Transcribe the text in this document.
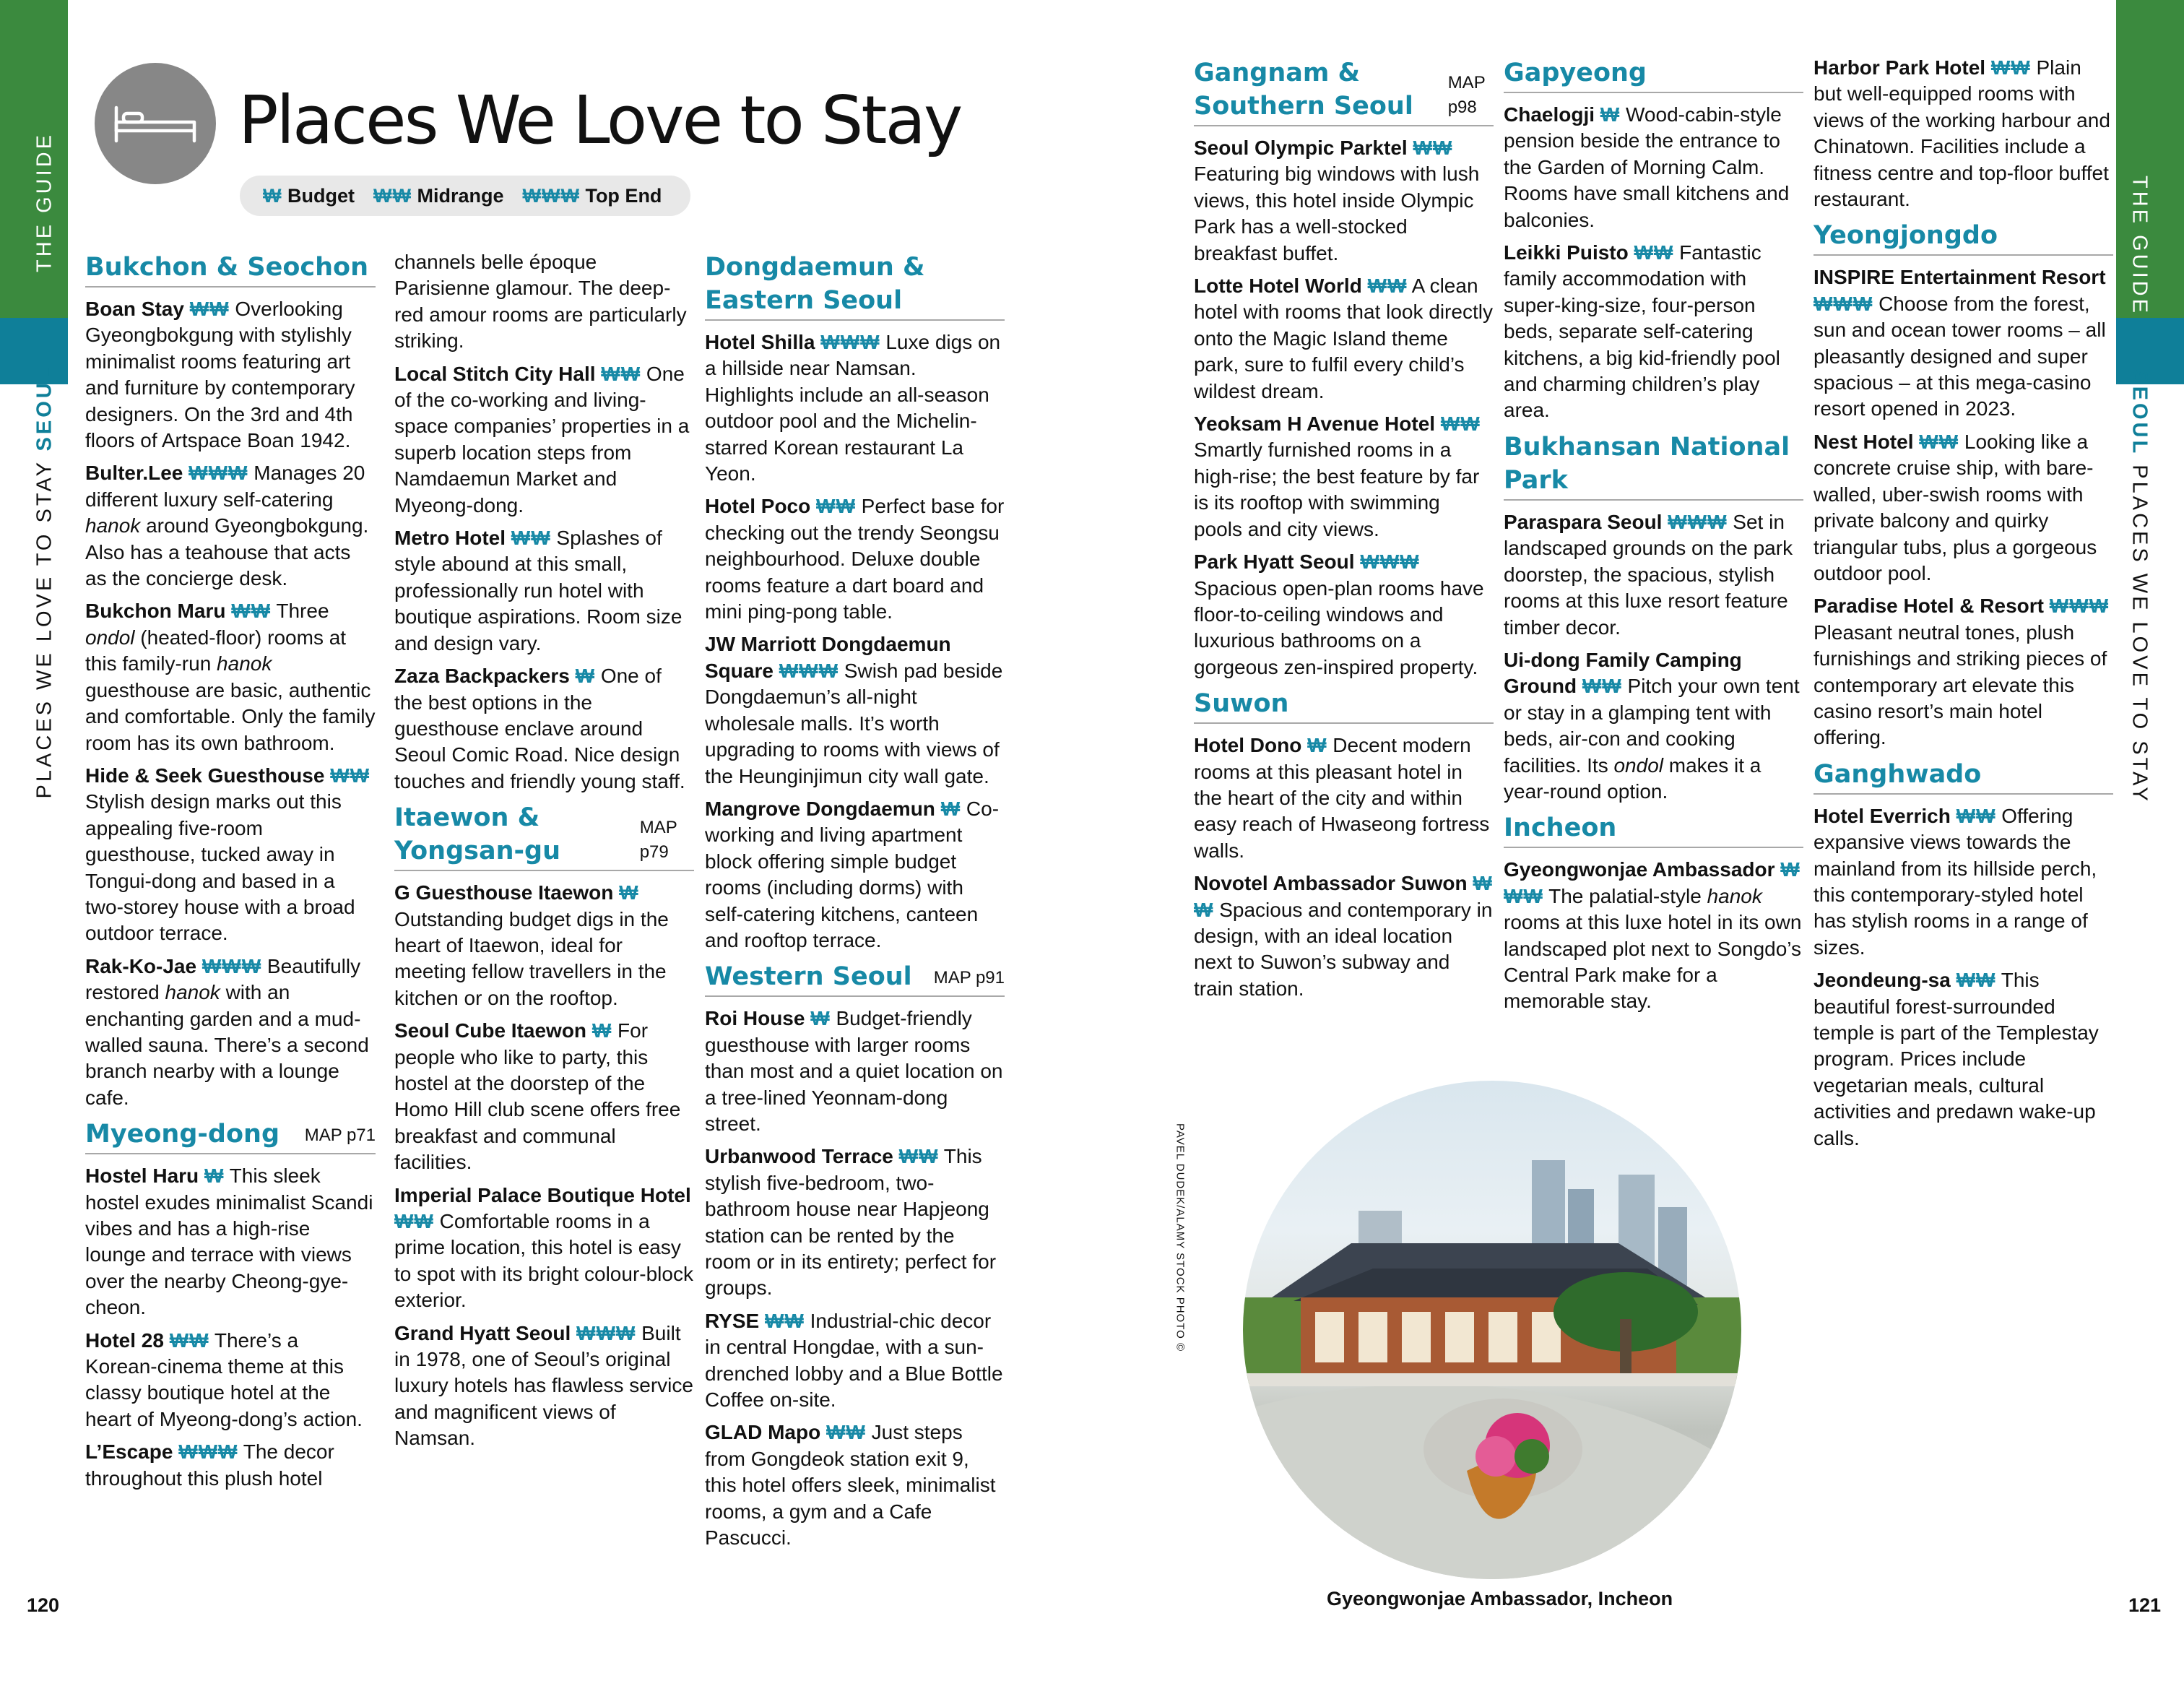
THE GUIDE
PLACES WE LOVE TO STAY SEOUL
THE GUIDE
SEOUL PLACES WE LOVE TO STAY
Places We Love to Stay
₩
Budget ₩₩
Midrange ₩₩₩
Top End
Bukchon & Seochon

Boan Stay ₩₩ Overlooking Gyeongbokgung with stylishly minimalist rooms featuring art and furniture by contemporary designers. On the 3rd and 4th floors of Artspace Boan 1942.

Bulter.Lee ₩₩₩ Manages 20 different luxury self-catering hanok around Gyeongbokgung. Also has a teahouse that acts as the concierge desk.

Bukchon Maru ₩₩ Three ondol (heated-floor) rooms at this family-run hanok guesthouse are basic, authentic and comfortable. Only the family room has its own bathroom.

Hide & Seek Guesthouse ₩₩ Stylish design marks out this appealing five-room guesthouse, tucked away in Tongui-dong and based in a two-storey house with a broad outdoor terrace.

Rak-Ko-Jae ₩₩₩ Beautifully restored hanok with an enchanting garden and a mud-walled sauna. There’s a second branch nearby with a lounge cafe.

Myeong-dong MAP p71

Hostel Haru ₩ This sleek hostel exudes minimalist Scandi vibes and has a high-rise lounge and terrace with views over the nearby Cheong-gye-cheon.

Hotel 28 ₩₩ There’s a Korean-cinema theme at this classy boutique hotel at the heart of Myeong-dong’s action.

L’Escape ₩₩₩ The decor throughout this plush hotel

channels belle époque Parisienne glamour. The deep-red amour rooms are particularly striking.

Local Stitch City Hall ₩₩ One of the co-working and living-space companies’ properties in a superb location steps from Namdaemun Market and Myeong-dong.

Metro Hotel ₩₩ Splashes of style abound at this small, professionally run hotel with boutique aspirations. Room size and design vary.

Zaza Backpackers ₩ One of the best options in the guesthouse enclave around Seoul Comic Road. Nice design touches and friendly young staff.

Itaewon & Yongsan-gu
MAP p79

G Guesthouse Itaewon ₩ Outstanding budget digs in the heart of Itaewon, ideal for meeting fellow travellers in the kitchen or on the rooftop.

Seoul Cube Itaewon ₩ For people who like to party, this hostel at the doorstep of the Homo Hill club scene offers free breakfast and communal facilities.

Imperial Palace Boutique Hotel ₩₩ Comfortable rooms in a prime location, this hotel is easy to spot with its bright colour-block exterior.

Grand Hyatt Seoul ₩₩₩ Built in 1978, one of Seoul’s original luxury hotels has flawless service and magnificent views of Namsan.

Dongdaemun & Eastern Seoul

Hotel Shilla ₩₩₩ Luxe digs on a hillside near Namsan. Highlights include an all-season outdoor pool and the Michelin-starred Korean restaurant La Yeon.

Hotel Poco ₩₩ Perfect base for checking out the trendy Seongsu neighbourhood. Deluxe double rooms feature a dart board and mini ping-pong table.

JW Marriott Dongdaemun Square ₩₩₩ Swish pad beside Dongdaemun’s all-night wholesale malls. It’s worth upgrading to rooms with views of the Heunginjimun city wall gate.

Mangrove Dongdaemun ₩ Co-working and living apartment block offering simple budget rooms (including dorms) with self-catering kitchens, canteen and rooftop terrace.

Western Seoul MAP p91

Roi House ₩ Budget-friendly guesthouse with larger rooms than most and a quiet location on a tree-lined Yeonnam-dong street.

Urbanwood Terrace ₩₩ This stylish five-bedroom, two-bathroom house near Hapjeong station can be rented by the room or in its entirety; perfect for groups.

RYSE ₩₩ Industrial-chic decor in central Hongdae, with a sun-drenched lobby and a Blue Bottle Coffee on-site.

GLAD Mapo ₩₩ Just steps from Gongdeok station exit 9, this hotel offers sleek, minimalist rooms, a gym and a Cafe Pascucci.

Gangnam & Southern Seoul
MAP p98

Seoul Olympic Parktel ₩₩ Featuring big windows with lush views, this hotel inside Olympic Park has a well-stocked breakfast buffet.

Lotte Hotel World ₩₩ A clean hotel with rooms that look directly onto the Magic Island theme park, sure to fulfil every child’s wildest dream.

Yeoksam H Avenue Hotel ₩₩ Smartly furnished rooms in a high-rise; the best feature by far is its rooftop with swimming pools and city views.

Park Hyatt Seoul ₩₩₩ Spacious open-plan rooms have floor-to-ceiling windows and luxurious bathrooms on a gorgeous zen-inspired property.

Suwon

Hotel Dono ₩ Decent modern rooms at this pleasant hotel in the heart of the city and within easy reach of Hwaseong fortress walls.

Novotel Ambassador Suwon ₩₩ Spacious and contemporary in design, with an ideal location next to Suwon’s subway and train station.

Gapyeong

Chaelogji ₩ Wood-cabin-style pension beside the entrance to the Garden of Morning Calm. Rooms have small kitchens and balconies.

Leikki Puisto ₩₩ Fantastic family accommodation with super-king-size, four-person beds, separate self-catering kitchens, a big kid-friendly pool and charming children’s play area.

Bukhansan National Park

Paraspara Seoul ₩₩₩ Set in landscaped grounds on the park doorstep, the spacious, stylish rooms at this luxe resort feature timber decor.

Ui-dong Family Camping Ground ₩₩ Pitch your own tent or stay in a glamping tent with beds, air-con and cooking facilities. Its ondol makes it a year-round option.

Incheon

Gyeongwonjae Ambassador ₩₩₩ The palatial-style hanok rooms at this luxe hotel in its own landscaped plot next to Songdo’s Central Park make for a memorable stay.

Harbor Park Hotel ₩₩ Plain but well-equipped rooms with views of the working harbour and Chinatown. Facilities include a fitness centre and top-floor buffet restaurant.

Yeongjongdo

INSPIRE Entertainment Resort ₩₩₩ Choose from the forest, sun and ocean tower rooms – all pleasantly designed and super spacious – at this mega-casino resort opened in 2023.

Nest Hotel ₩₩ Looking like a concrete cruise ship, with bare-walled, uber-swish rooms with private balcony and quirky triangular tubs, plus a gorgeous outdoor pool.

Paradise Hotel & Resort ₩₩₩ Pleasant neutral tones, plush furnishings and striking pieces of contemporary art elevate this casino resort’s main hotel offering.

Ganghwado

Hotel Everrich ₩₩ Offering expansive views towards the mainland from its hillside perch, this contemporary-styled hotel has stylish rooms in a range of sizes.

Jeondeung-sa ₩₩ This beautiful forest-surrounded temple is part of the Templestay program. Prices include vegetarian meals, cultural activities and predawn wake-up calls.

PAVEL DUDEK/ALAMY STOCK PHOTO ©
Gyeongwonjae Ambassador, Incheon
120	121
